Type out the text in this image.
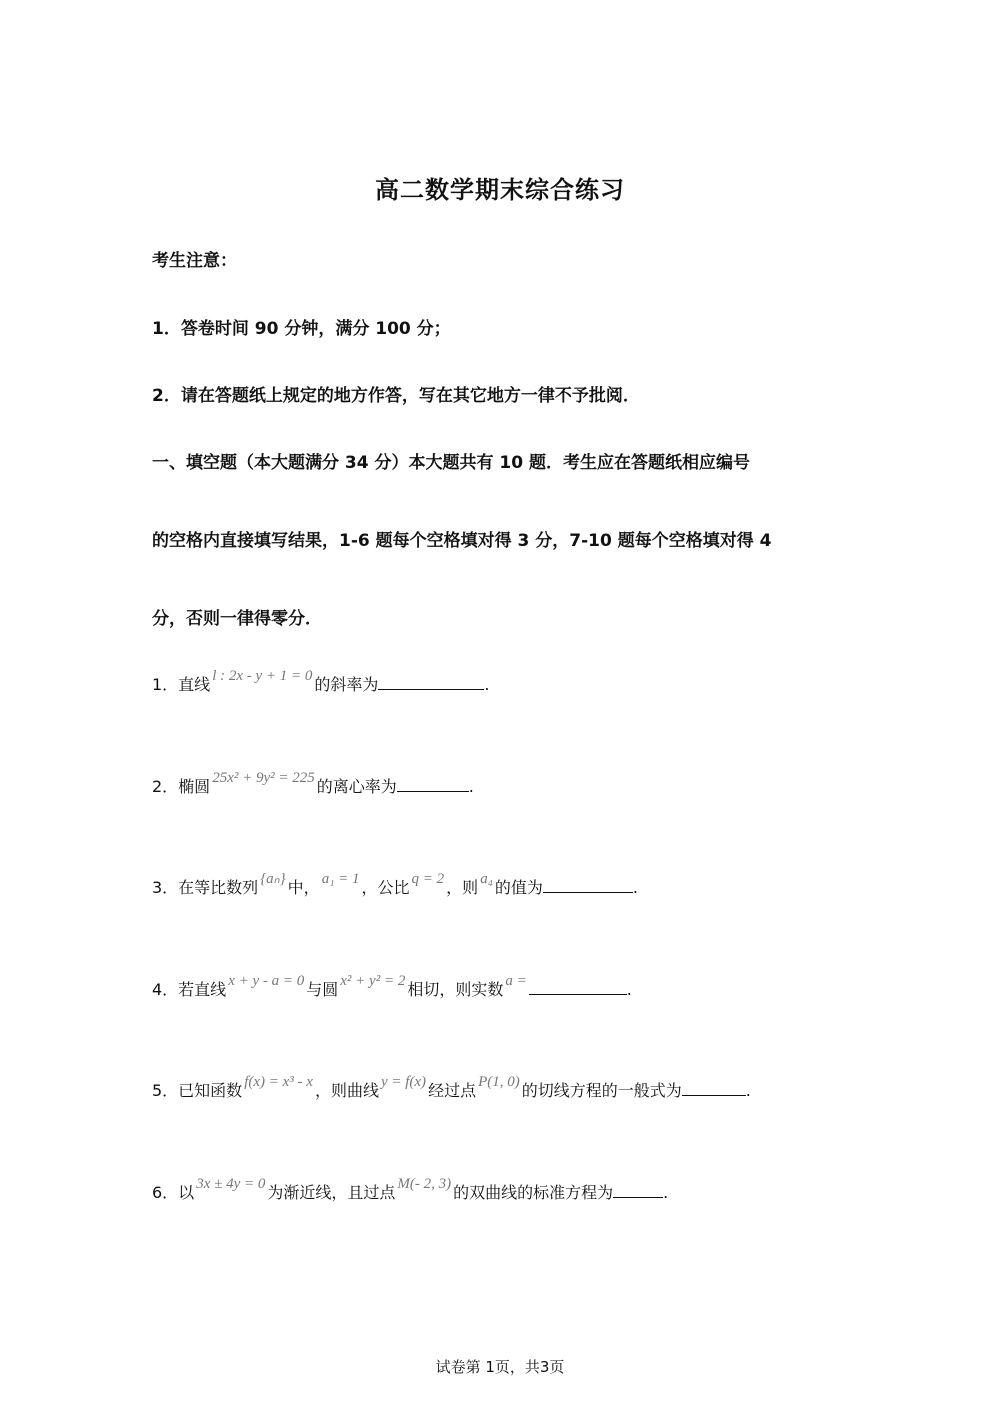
高二数学期末综合练习
考生注意：
1．答卷时间 90 分钟，满分 100 分；
2．请在答题纸上规定的地方作答，写在其它地方一律不予批阅．
一、填空题（本大题满分 34 分）本大题共有 10 题．考生应在答题纸相应编号
的空格内直接填写结果，1-6 题每个空格填对得 3 分，7-10 题每个空格填对得 4
分，否则一律得零分．
1．直线 l : 2x - y + 1 = 0 的斜率为	.
2．椭圆 25x² + 9y² = 225 的离心率为	.
3．在等比数列 {aₙ} 中， a₁ = 1 ，公比 q = 2 ，则 a₄ 的值为	.
4．若直线 x + y - a = 0 与圆 x² + y² = 2 相切，则实数 a =	.
5．已知函数 f(x) = x³ - x ，则曲线 y = f(x) 经过点 P(1, 0) 的切线方程的一般式为	.
6．以 3x ± 4y = 0 为渐近线，且过点 M(- 2, 3) 的双曲线的标准方程为	.
试卷第 1页，共3页
